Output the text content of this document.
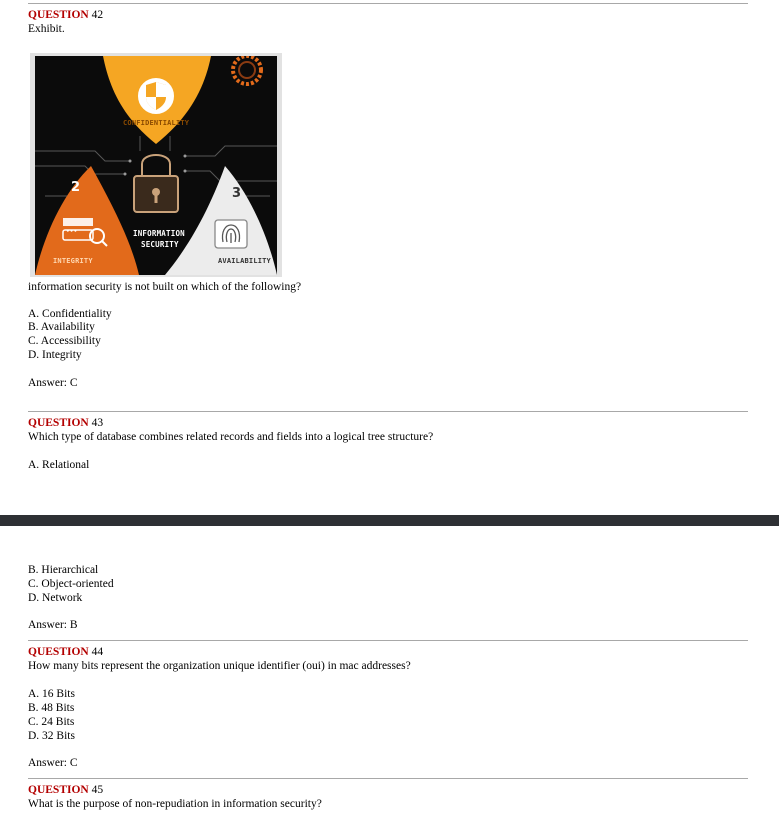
QUESTION 42
Exhibit.
CONFIDENTIALITY
INTEGRITY	AVAILABILITY
INFORMATION
SECURITY
2	3
PASSWORD
•••
information security is not built on which of the following?
A. Confidentiality
B. Availability
C. Accessibility
D. Integrity
Answer: C
QUESTION 43
Which type of database combines related records and fields into a logical tree structure?
A. Relational
B. Hierarchical
C. Object-oriented
D. Network
Answer: B
QUESTION 44
How many bits represent the organization unique identifier (oui) in mac addresses?
A. 16 Bits
B. 48 Bits
C. 24 Bits
D. 32 Bits
Answer: C
QUESTION 45
What is the purpose of non-repudiation in information security?
